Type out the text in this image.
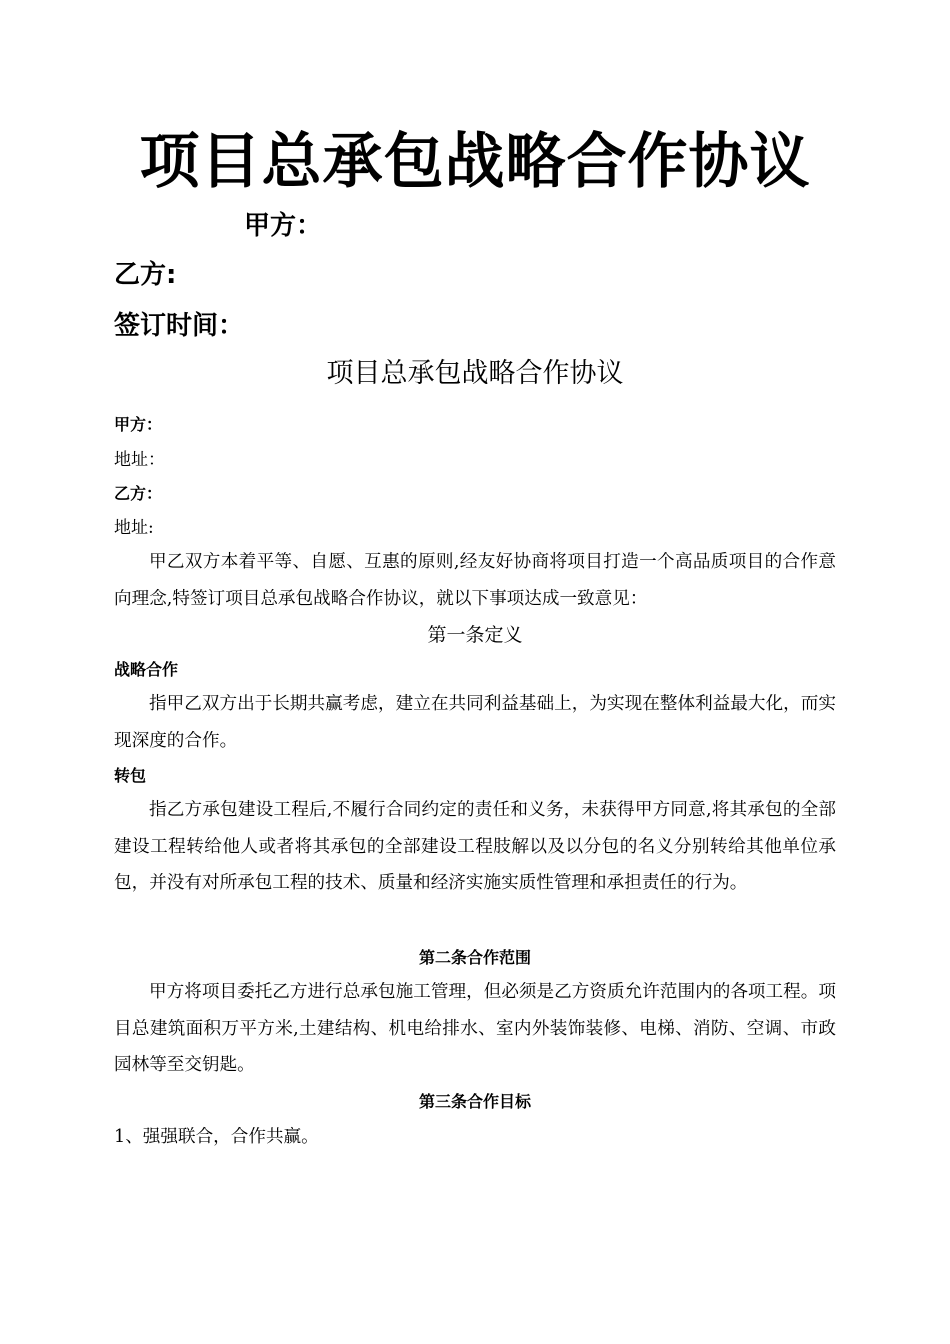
项目总承包战略合作协议
甲方：
乙方:
签订时间：
项目总承包战略合作协议
甲方：
地址：
乙方：
地址:

甲乙双方本着平等、自愿、互惠的原则,经友好协商将项目打造一个高品质项目的合作意向理念,特签订项目总承包战略合作协议，就以下事项达成一致意见：

第一条定义
战略合作

指甲乙双方出于长期共赢考虑，建立在共同利益基础上，为实现在整体利益最大化，而实现深度的合作。

转包

指乙方承包建设工程后,不履行合同约定的责任和义务，未获得甲方同意,将其承包的全部建设工程转给他人或者将其承包的全部建设工程肢解以及以分包的名义分别转给其他单位承包，并没有对所承包工程的技术、质量和经济实施实质性管理和承担责任的行为。

第二条合作范围

甲方将项目委托乙方进行总承包施工管理，但必须是乙方资质允许范围内的各项工程。项目总建筑面积万平方米,土建结构、机电给排水、室内外装饰装修、电梯、消防、空调、市政园林等至交钥匙。

第三条合作目标
1、强强联合，合作共赢。
